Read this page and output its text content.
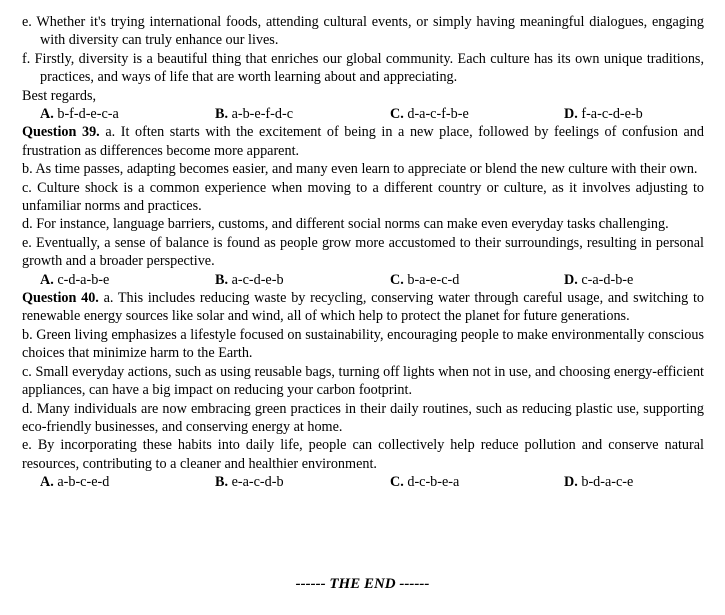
e. Whether it's trying international foods, attending cultural events, or simply having meaningful dialogues, engaging with diversity can truly enhance our lives.

f. Firstly, diversity is a beautiful thing that enriches our global community. Each culture has its own unique traditions, practices, and ways of life that are worth learning about and appreciating.

Best regards,

A. b-f-d-e-c-a	B. a-b-e-f-d-c	C. d-a-c-f-b-e	D. f-a-c-d-e-b

Question 39. a. It often starts with the excitement of being in a new place, followed by feelings of confusion and frustration as differences become more apparent.

b. As time passes, adapting becomes easier, and many even learn to appreciate or blend the new culture with their own.

c. Culture shock is a common experience when moving to a different country or culture, as it involves adjusting to unfamiliar norms and practices.

d. For instance, language barriers, customs, and different social norms can make even everyday tasks challenging.

e. Eventually, a sense of balance is found as people grow more accustomed to their surroundings, resulting in personal growth and a broader perspective.

A. c-d-a-b-e	B. a-c-d-e-b	C. b-a-e-c-d	D. c-a-d-b-e

Question 40. a. This includes reducing waste by recycling, conserving water through careful usage, and switching to renewable energy sources like solar and wind, all of which help to protect the planet for future generations.

b. Green living emphasizes a lifestyle focused on sustainability, encouraging people to make environmentally conscious choices that minimize harm to the Earth.

c. Small everyday actions, such as using reusable bags, turning off lights when not in use, and choosing energy-efficient appliances, can have a big impact on reducing your carbon footprint.

d. Many individuals are now embracing green practices in their daily routines, such as reducing plastic use, supporting eco-friendly businesses, and conserving energy at home.

e. By incorporating these habits into daily life, people can collectively help reduce pollution and conserve natural resources, contributing to a cleaner and healthier environment.

A. a-b-c-e-d	B. e-a-c-d-b	C. d-c-b-e-a	D. b-d-a-c-e
------ THE END ------
